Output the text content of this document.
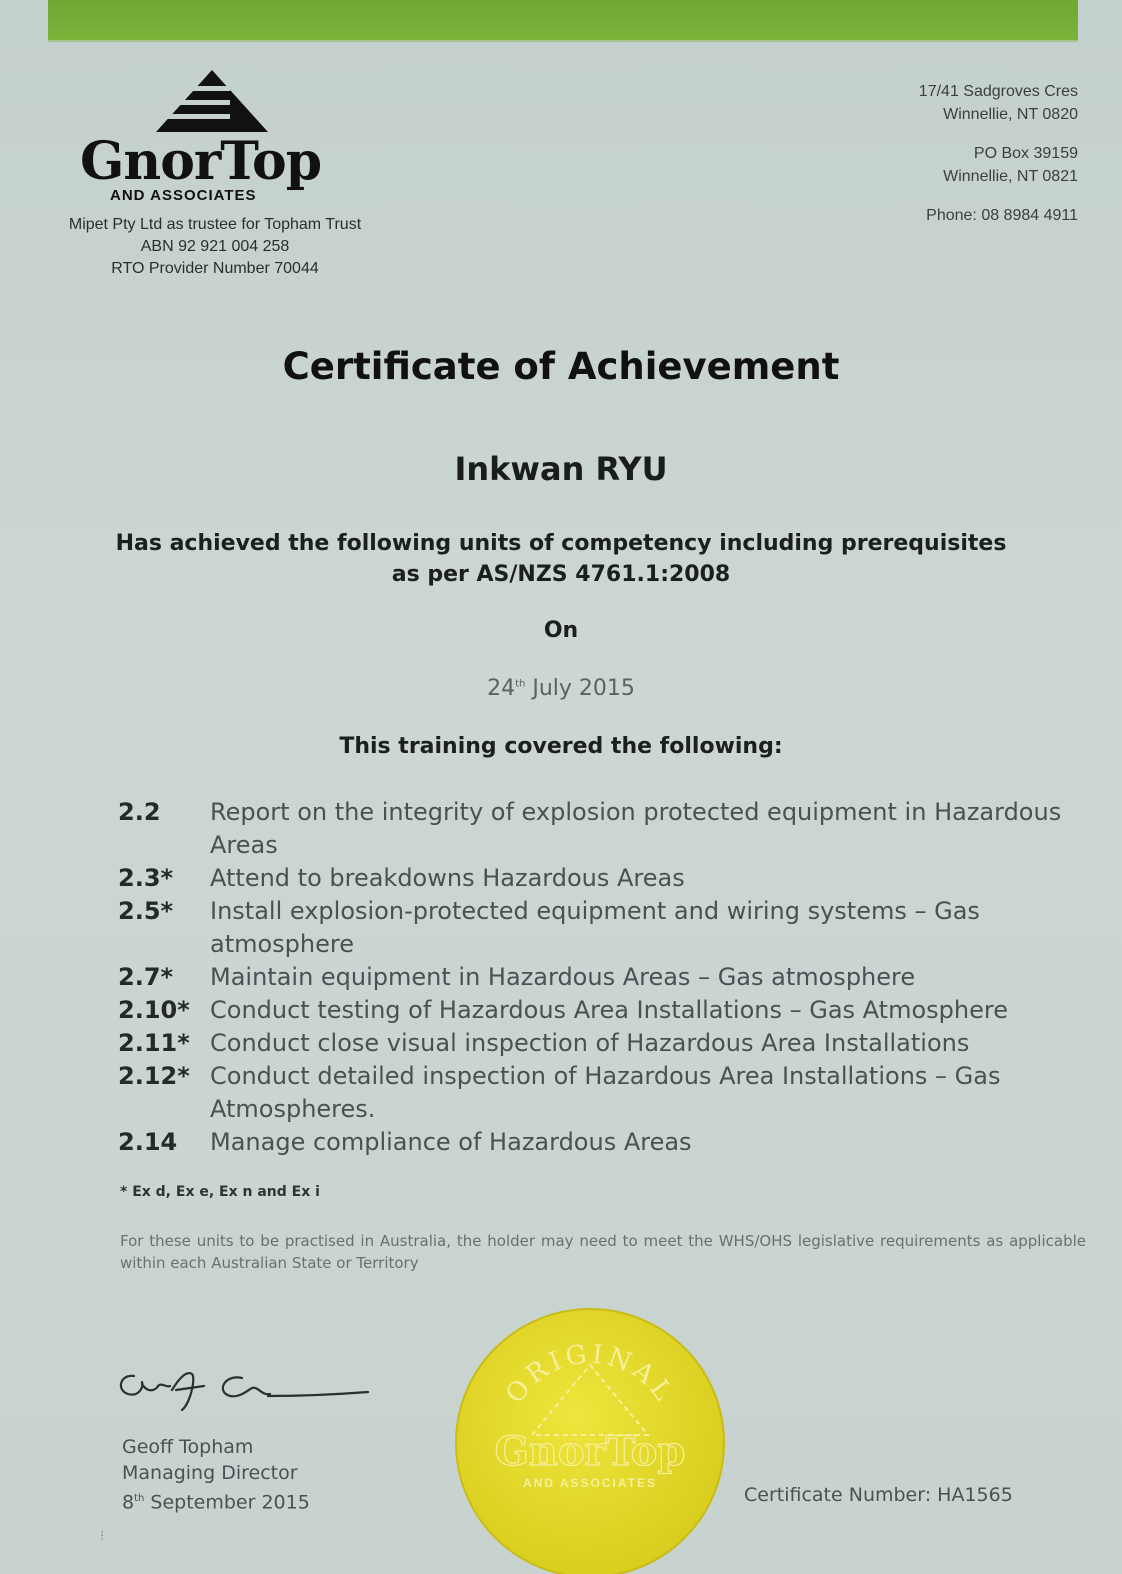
GnorTop
AND ASSOCIATES
Mipet Pty Ltd as trustee for Topham Trust
ABN 92 921 004 258
RTO Provider Number 70044
17/41 Sadgroves Cres
Winnellie, NT 0820
PO Box 39159
Winnellie, NT 0821
Phone: 08 8984 4911
Certificate of Achievement
Inkwan RYU
Has achieved the following units of competency including prerequisites
as per AS/NZS 4761.1:2008
On
24th July 2015
This training covered the following:
2.2	Report on the integrity of explosion protected equipment in Hazardous Areas
2.3*	Attend to breakdowns Hazardous Areas
2.5*	Install explosion-protected equipment and wiring systems – Gas atmosphere
2.7*	Maintain equipment in Hazardous Areas – Gas atmosphere
2.10* Conduct testing of Hazardous Area Installations – Gas Atmosphere
2.11* Conduct close visual inspection of Hazardous Area Installations
2.12* Conduct detailed inspection of Hazardous Area Installations – Gas Atmospheres.
2.14	Manage compliance of Hazardous Areas
* Ex d, Ex e, Ex n and Ex i
For these units to be practised in Australia, the holder may need to meet the WHS/OHS legislative requirements as applicable within each Australian State or Territory
Geoff Topham
Managing Director
8th September 2015
ORIGINAL
GnorTop
AND ASSOCIATES
Certificate Number: HA1565
⁝
